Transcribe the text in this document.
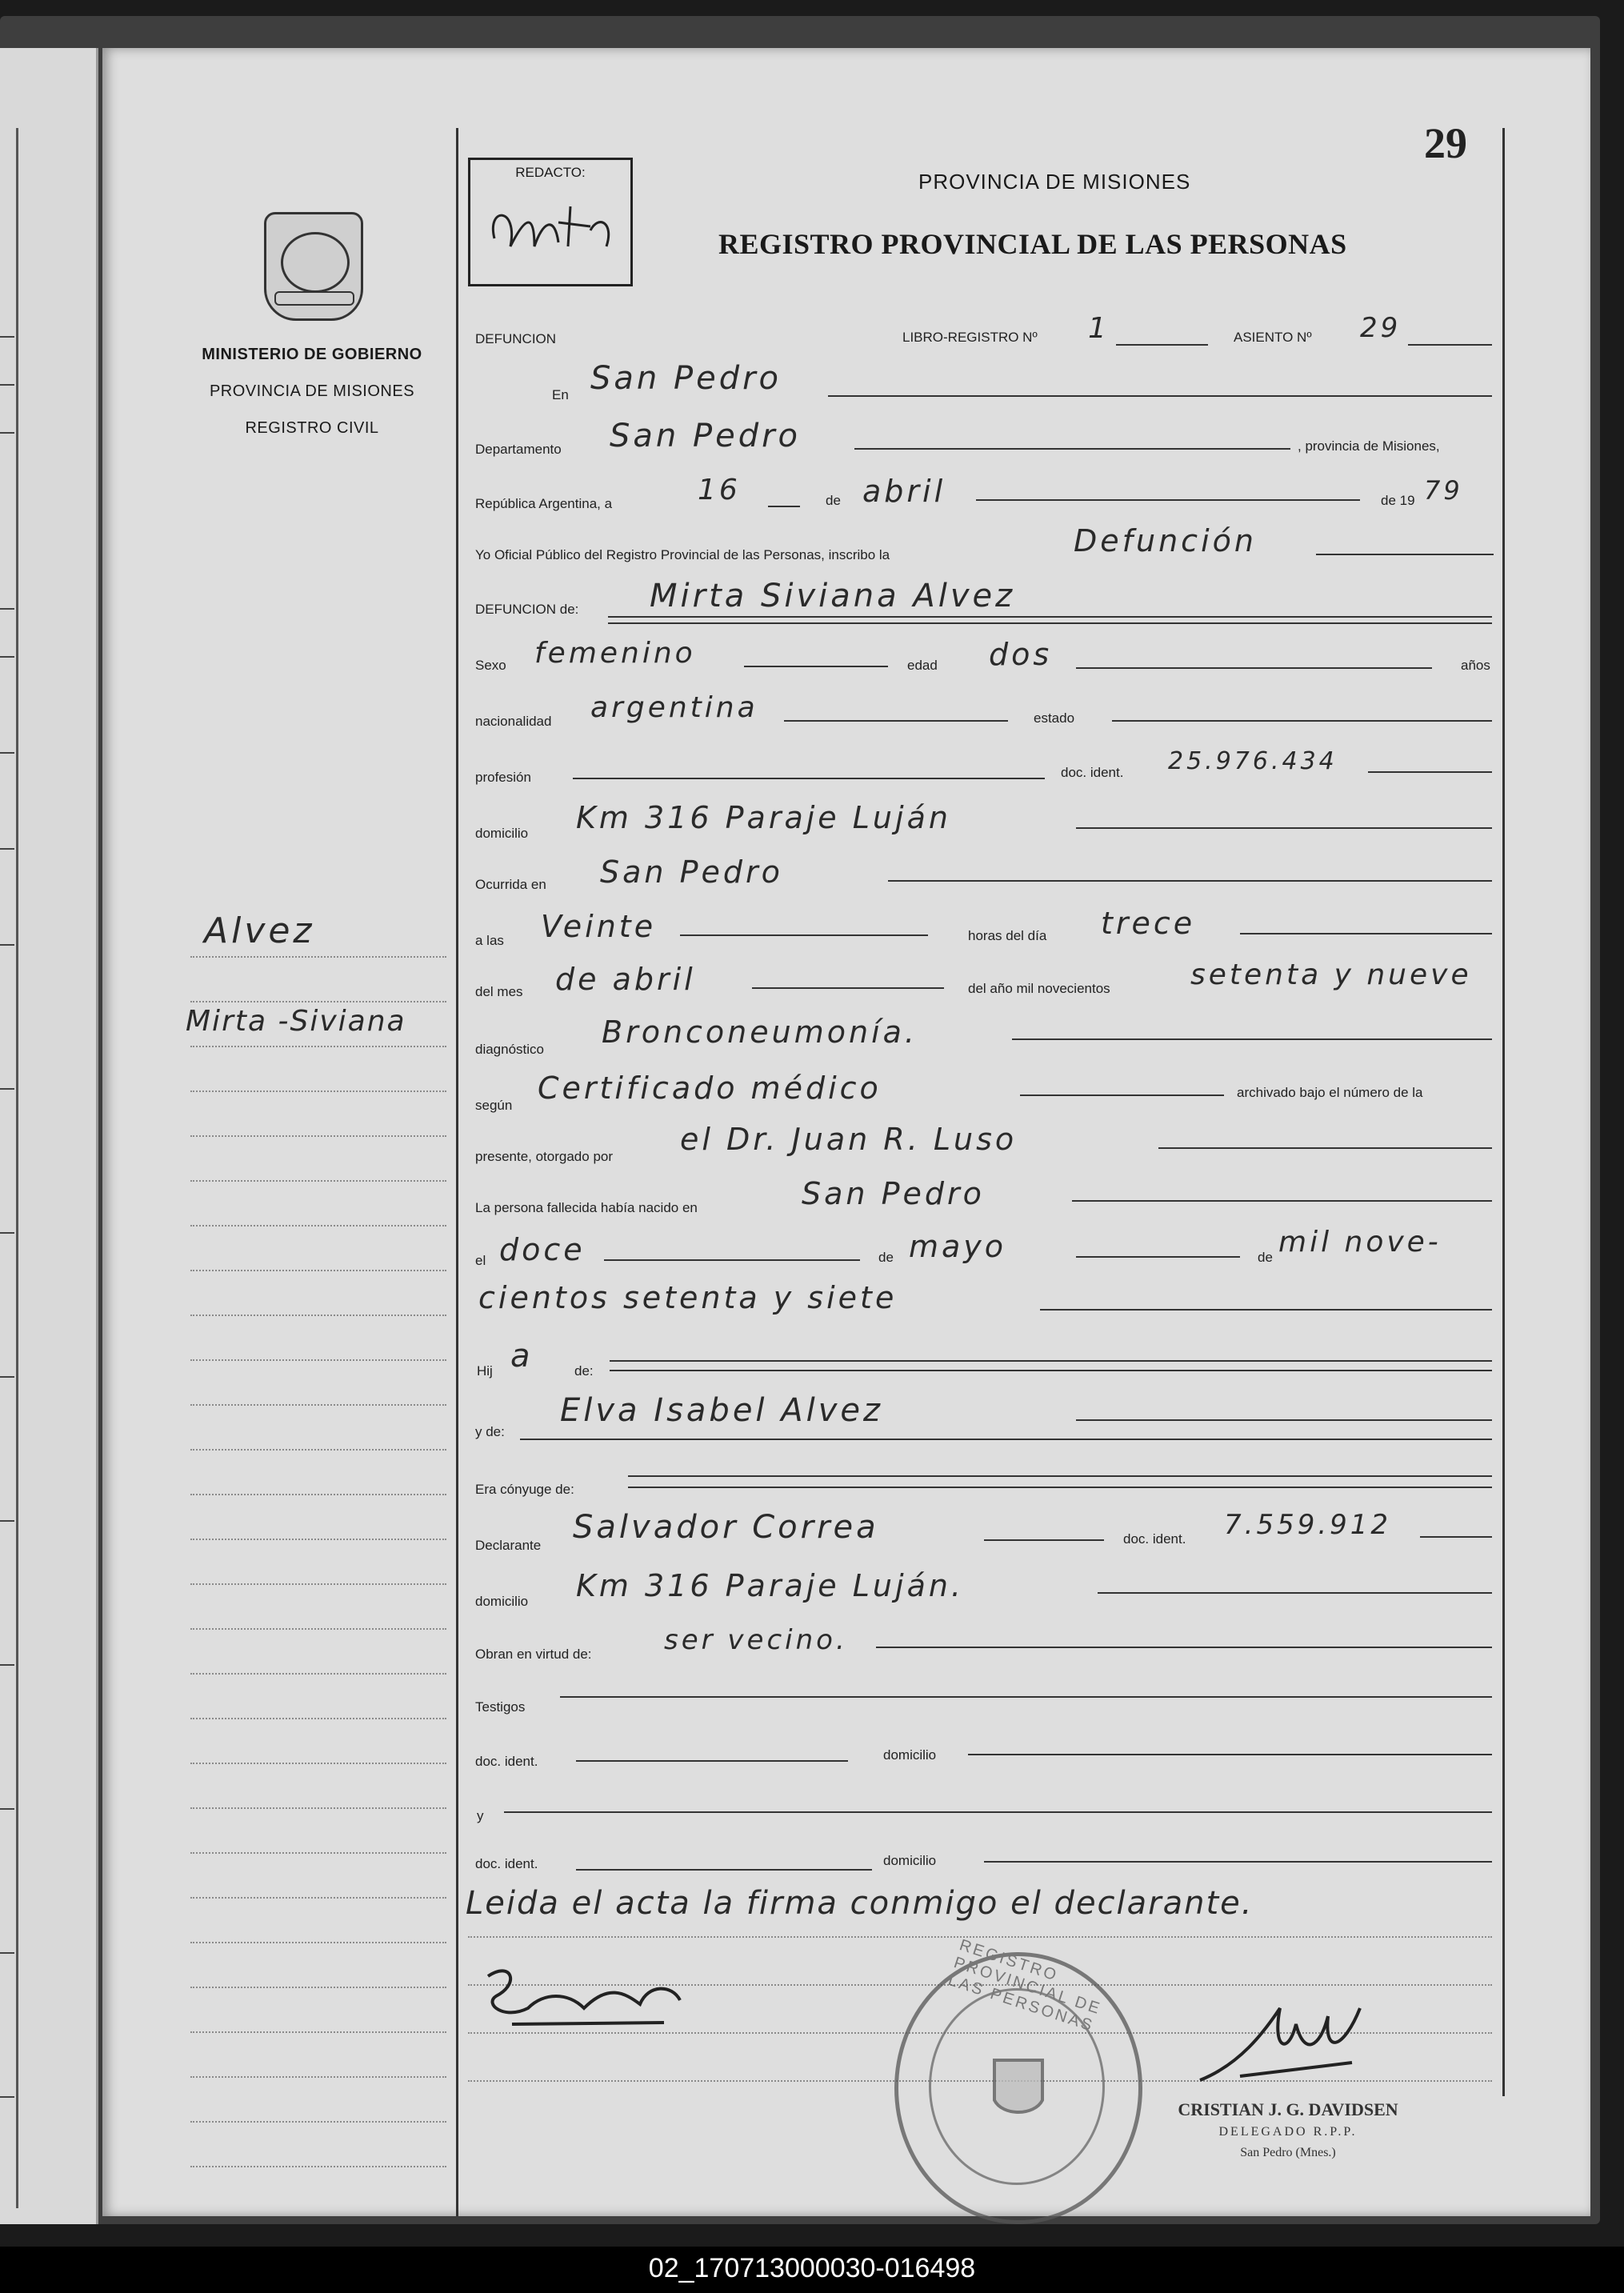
29
MINISTERIO DE GOBIERNO
PROVINCIA DE MISIONES
REGISTRO CIVIL
Alvez
Mirta -Siviana
REDACTO:	PROVINCIA DE MISIONES
REGISTRO PROVINCIAL DE LAS PERSONAS
DEFUNCION	LIBRO-REGISTRO Nº 1	ASIENTO Nº 29
En San Pedro
Departamento San Pedro	, provincia de Misiones,
República Argentina, a	16	de abril	de 19 79
Yo Oficial Público del Registro Provincial de las Personas, inscribo la	Defunción
DEFUNCION de: Mirta Siviana Alvez
Sexo femenino	edad dos	años
nacionalidad argentina	estado
profesión	doc. ident. 25.976.434
domicilio Km 316 Paraje Luján
Ocurrida en San Pedro
a las Veinte	horas del día trece
del mes de abril	del año mil novecientos	setenta y nueve
diagnóstico Bronconeumonía.
según Certificado médico	archivado bajo el número de la
presente, otorgado por el Dr. Juan R. Luso
La persona fallecida había nacido en	San Pedro
el doce	de mayo	de mil nove-
cientos setenta y siete
Hij a	de:
y de:
Elva Isabel Alvez
Era cónyuge de:
Declarante Salvador Correa	doc. ident. 7.559.912
domicilio Km 316 Paraje Luján.
Obran en virtud de:	ser vecino.
Testigos
doc. ident.	domicilio
y
doc. ident.	domicilio
Leida el acta la firma conmigo el declarante.
REGISTRO PROVINCIAL DE LAS PERSONAS
CRISTIAN J. G. DAVIDSEN
DELEGADO R.P.P.
San Pedro (Mnes.)
02_170713000030-016498
